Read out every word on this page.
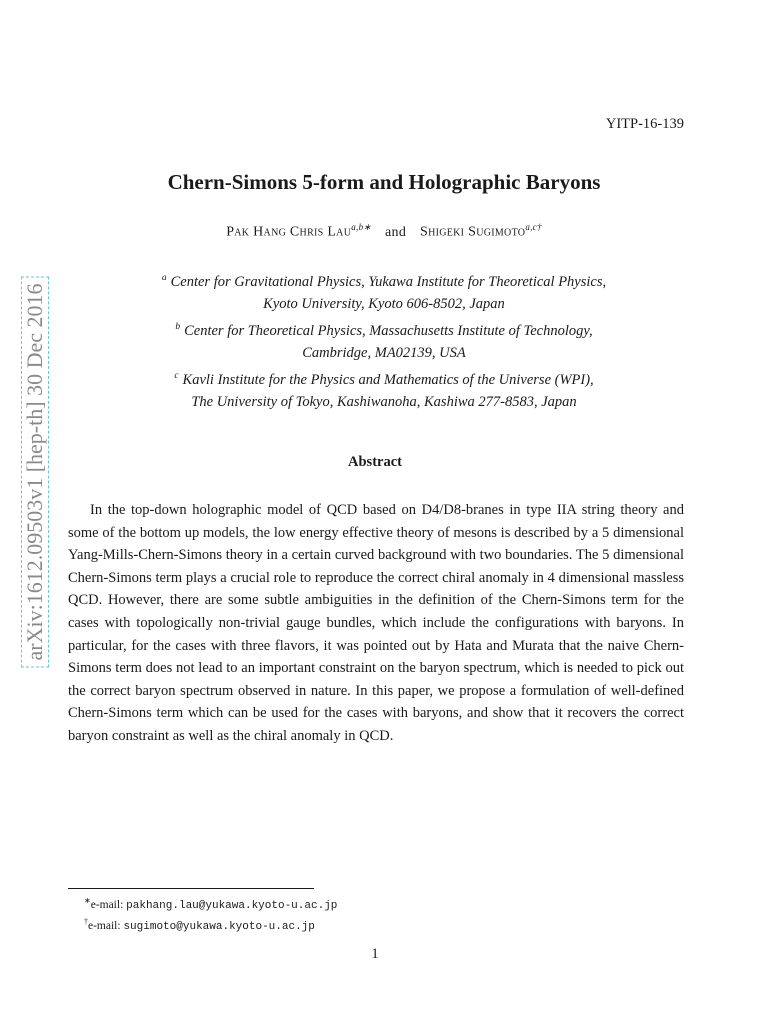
arXiv:1612.09503v1 [hep-th] 30 Dec 2016
YITP-16-139
Chern-Simons 5-form and Holographic Baryons
Pak Hang Chris Lau$^{a,b∗}$ and Shigeki Sugimoto$^{a,c\dagger}$
$^a$ Center for Gravitational Physics, Yukawa Institute for Theoretical Physics,
Kyoto University, Kyoto 606-8502, Japan
$^b$ Center for Theoretical Physics, Massachusetts Institute of Technology,
Cambridge, MA02139, USA
$^c$ Kavli Institute for the Physics and Mathematics of the Universe (WPI),
The University of Tokyo, Kashiwanoha, Kashiwa 277-8583, Japan
Abstract

In the top-down holographic model of QCD based on D4/D8-branes in type IIA string theory and some of the bottom up models, the low energy effective theory of mesons is described by a 5 dimensional Yang-Mills-Chern-Simons theory in a certain curved background with two boundaries. The 5 dimensional Chern-Simons term plays a crucial role to reproduce the correct chiral anomaly in 4 dimensional massless QCD. However, there are some subtle ambiguities in the definition of the Chern-Simons term for the cases with topologically non-trivial gauge bundles, which include the configurations with baryons. In particular, for the cases with three flavors, it was pointed out by Hata and Murata that the naive Chern-Simons term does not lead to an important constraint on the baryon spectrum, which is needed to pick out the correct baryon spectrum observed in nature. In this paper, we propose a formulation of well-defined Chern-Simons term which can be used for the cases with baryons, and show that it recovers the correct baryon constraint as well as the chiral anomaly in QCD.

∗e-mail: pakhang.lau@yukawa.kyoto-u.ac.jp
†e-mail: sugimoto@yukawa.kyoto-u.ac.jp
1
